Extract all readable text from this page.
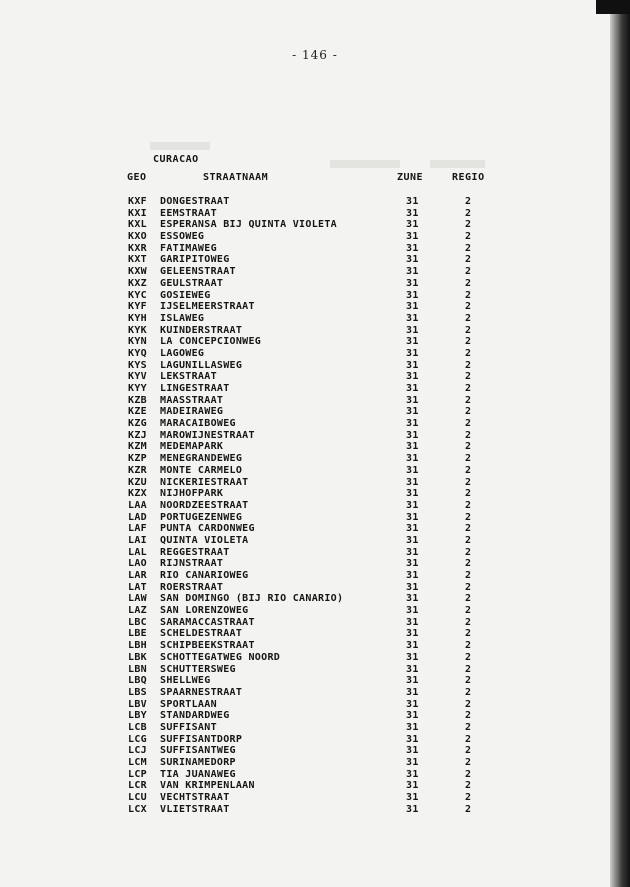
- 146 -
CURACAO
GEO	STRAATNAAM	ZUNE	REGIO
KXF DONGESTRAAT	31	2
KXI EEMSTRAAT	31	2
KXL ESPERANSA BIJ QUINTA VIOLETA	31	2
KXO ESSOWEG	31	2
KXR FATIMAWEG	31	2
KXT GARIPITOWEG	31	2
KXW GELEENSTRAAT	31	2
KXZ GEULSTRAAT	31	2
KYC GOSIEWEG	31	2
KYF IJSELMEERSTRAAT	31	2
KYH ISLAWEG	31	2
KYK KUINDERSTRAAT	31	2
KYN LA CONCEPCIONWEG	31	2
KYQ LAGOWEG	31	2
KYS LAGUNILLASWEG	31	2
KYV LEKSTRAAT	31	2
KYY LINGESTRAAT	31	2
KZB MAASSTRAAT	31	2
KZE MADEIRAWEG	31	2
KZG MARACAIBOWEG	31	2
KZJ MAROWIJNESTRAAT	31	2
KZM MEDEMAPARK	31	2
KZP MENEGRANDEWEG	31	2
KZR MONTE CARMELO	31	2
KZU NICKERIESTRAAT	31	2
KZX NIJHOFPARK	31	2
LAA NOORDZEESTRAAT	31	2
LAD PORTUGEZENWEG	31	2
LAF PUNTA CARDONWEG	31	2
LAI QUINTA VIOLETA	31	2
LAL REGGESTRAAT	31	2
LAO RIJNSTRAAT	31	2
LAR RIO CANARIOWEG	31	2
LAT ROERSTRAAT	31	2
LAW SAN DOMINGO (BIJ RIO CANARIO)	31	2
LAZ SAN LORENZOWEG	31	2
LBC SARAMACCASTRAAT	31	2
LBE SCHELDESTRAAT	31	2
LBH SCHIPBEEKSTRAAT	31	2
LBK SCHOTTEGATWEG NOORD	31	2
LBN SCHUTTERSWEG	31	2
LBQ SHELLWEG	31	2
LBS SPAARNESTRAAT	31	2
LBV SPORTLAAN	31	2
LBY STANDARDWEG	31	2
LCB SUFFISANT	31	2
LCG SUFFISANTDORP	31	2
LCJ SUFFISANTWEG	31	2
LCM SURINAMEDORP	31	2
LCP TIA JUANAWEG	31	2
LCR VAN KRIMPENLAAN	31	2
LCU VECHTSTRAAT	31	2
LCX VLIETSTRAAT	31	2
